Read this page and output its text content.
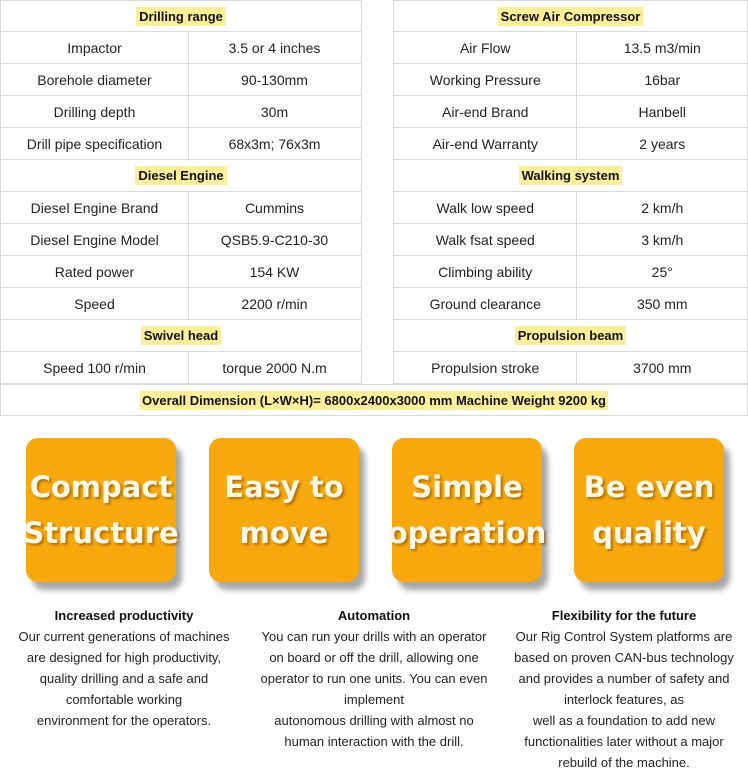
Drilling range
Impactor	3.5 or 4 inches
Borehole diameter	90-130mm
Drilling depth	30m
Drill pipe specification	68x3m; 76x3m
Diesel Engine
Diesel Engine Brand	Cummins
Diesel Engine Model	QSB5.9-C210-30
Rated power	154 KW
Speed	2200 r/min
Swivel head
Speed 100 r/min	torque 2000 N.m
Screw Air Compressor
Air Flow	13.5 m3/min
Working Pressure	16bar
Air-end Brand	Hanbell
Air-end Warranty	2 years
Walking system
Walk low speed	2 km/h
Walk fsat speed	3 km/h
Climbing ability	25°
Ground clearance	350 mm
Propulsion beam
Propulsion stroke	3700 mm
Overall Dimension (L×W×H)= 6800x2400x3000 mm Machine Weight 9200 kg
Compact
Structure
Easy to
move
Simple
operation
Be even
quality
Increased productivity
Our current generations of machines
are designed for high productivity,
quality drilling and a safe and
comfortable working
environment for the operators.
Automation
You can run your drills with an operator
on board or off the drill, allowing one
operator to run one units. You can even
implement
autonomous drilling with almost no
human interaction with the drill.
Flexibility for the future
Our Rig Control System platforms are
based on proven CAN-bus technology
and provides a number of safety and
interlock features, as
well as a foundation to add new
functionalities later without a major
rebuild of the machine.
